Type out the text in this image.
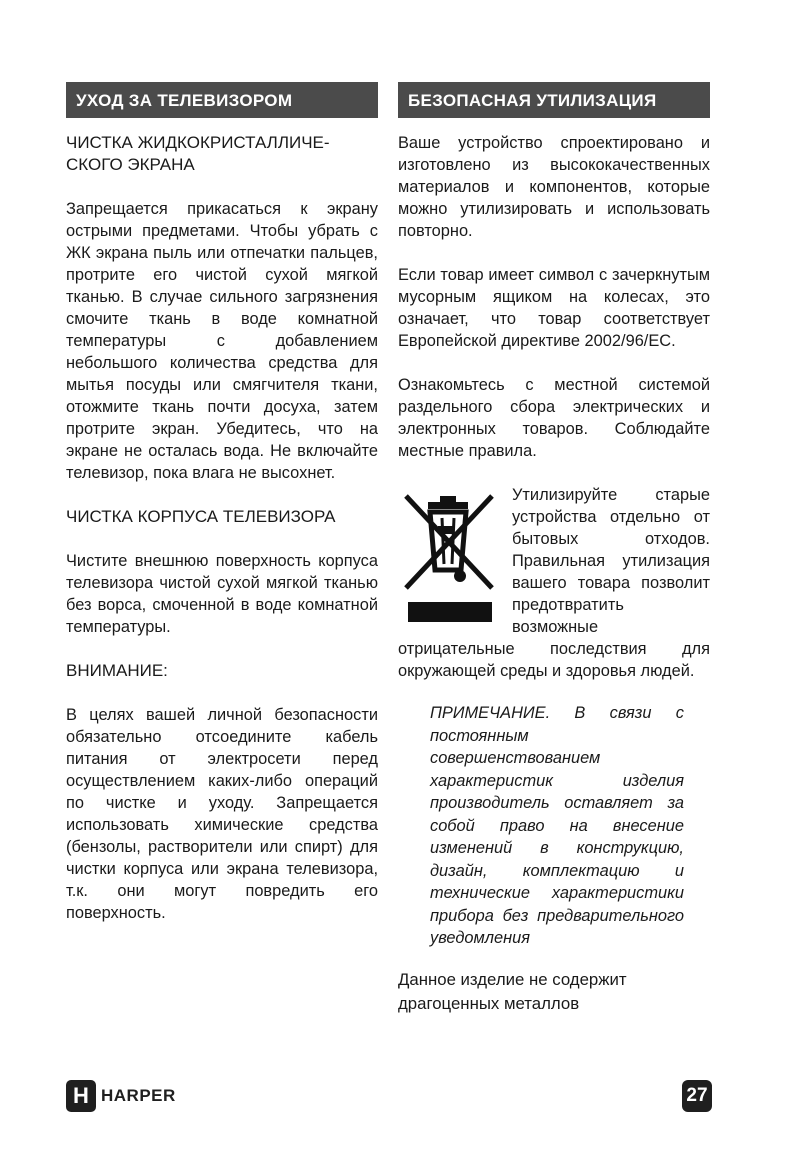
УХОД ЗА ТЕЛЕВИЗОРОМ

ЧИСТКА ЖИДКОКРИСТАЛЛИЧЕ-СКОГО ЭКРАНА

Запрещается прикасаться к экрану острыми предметами. Чтобы убрать с ЖК экрана пыль или отпечатки пальцев, протрите его чистой сухой мягкой тканью. В случае сильного загрязнения смочите ткань в воде комнатной температуры с добавлением небольшого количества средства для мытья посуды или смягчителя ткани, отожмите ткань почти досуха, затем протрите экран. Убедитесь, что на экране не осталась вода. Не включайте телевизор, пока влага не высохнет.

ЧИСТКА КОРПУСА ТЕЛЕВИЗОРА

Чистите внешнюю поверхность корпуса телевизора чистой сухой мягкой тканью без ворса, смоченной в воде комнатной температуры.

ВНИМАНИЕ:

В целях вашей личной безопасности обязательно отсоедините кабель питания от электросети перед осуществлением каких-либо операций по чистке и уходу. Запрещается использовать химические средства (бензолы, растворители или спирт) для чистки корпуса или экрана телевизора, т.к. они могут повредить его поверхность.

БЕЗОПАСНАЯ УТИЛИЗАЦИЯ

Ваше устройство спроектировано и изготовлено из высококачественных материалов и компонентов, которые можно утилизировать и использовать повторно.

Если товар имеет символ с зачеркнутым мусорным ящиком на колесах, это означает, что товар соответствует Европейской директиве 2002/96/EC.

Ознакомьтесь с местной системой раздельного сбора электрических и электронных товаров. Соблюдайте местные правила.

Утилизируйте старые устройства отдельно от бытовых отходов. Правильная утилизация вашего товара позволит предотвратить возможные отрицательные последствия для окружающей среды и здоровья людей.

ПРИМЕЧАНИЕ. В связи с постоянным совершенствованием характеристик изделия производитель оставляет за собой право на внесение изменений в конструкцию, дизайн, комплектацию и технические характеристики прибора без предварительного уведомления

Данное изделие не содержит драгоценных металлов

H HARPER	27
